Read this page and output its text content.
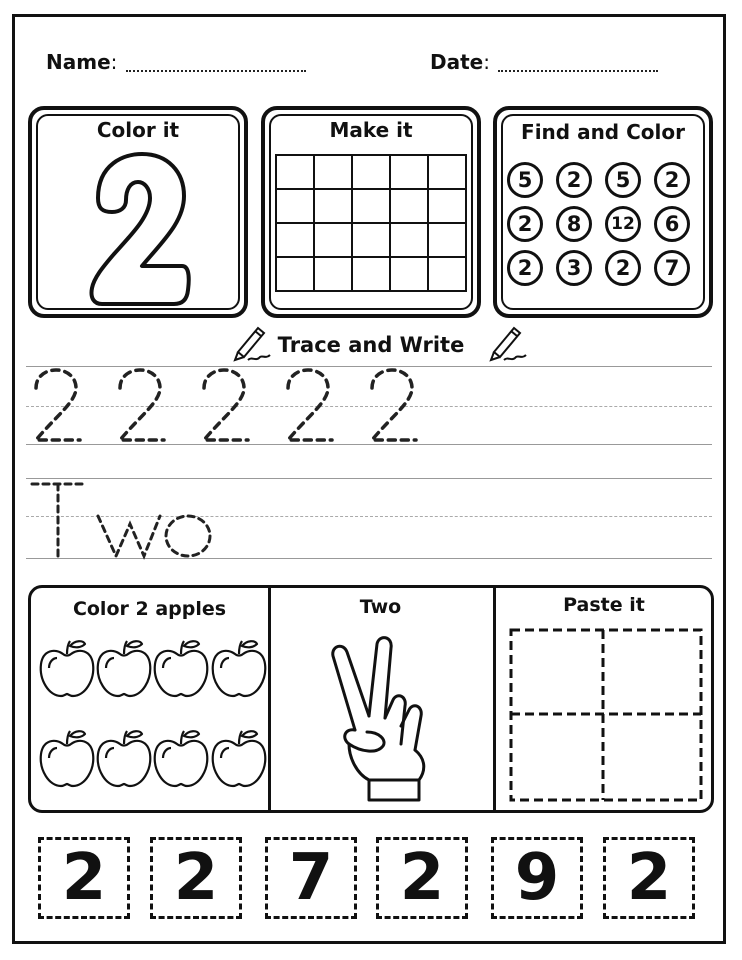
Name:	Date:
Color it	Make it

					Find and Color
5	2	5	2
2	8	12	6
2	3	2	7
Trace and Write
Color 2 apples	Two	Paste it
2	2	7	2	9	2
